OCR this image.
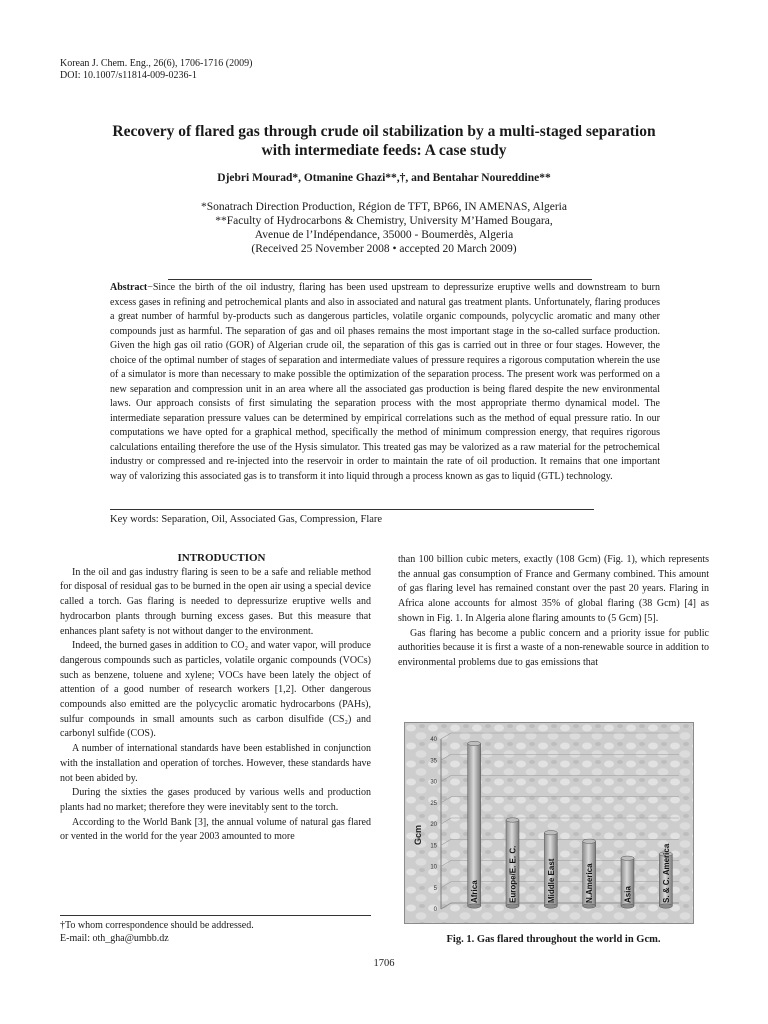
Korean J. Chem. Eng., 26(6), 1706-1716 (2009)
DOI: 10.1007/s11814-009-0236-1
Recovery of flared gas through crude oil stabilization by a multi-staged separation
with intermediate feeds: A case study
Djebri Mourad*, Otmanine Ghazi**,†, and Bentahar Noureddine**
*Sonatrach Direction Production, Région de TFT, BP66, IN AMENAS, Algeria
**Faculty of Hydrocarbons & Chemistry, University M’Hamed Bougara,
Avenue de l’Indépendance, 35000 - Boumerdès, Algeria
(Received 25 November 2008 • accepted 20 March 2009)
Abstract−Since the birth of the oil industry, flaring has been used upstream to depressurize eruptive wells and downstream to burn excess gases in refining and petrochemical plants and also in associated and natural gas treatment plants. Unfortunately, flaring produces a great number of harmful by-products such as dangerous particles, volatile organic compounds, polycyclic aromatic and many other compounds just as harmful. The separation of gas and oil phases remains the most important stage in the so-called surface production. Given the high gas oil ratio (GOR) of Algerian crude oil, the separation of this gas is carried out in three or four stages. However, the choice of the optimal number of stages of separation and intermediate values of pressure requires a rigorous computation wherein the use of a simulator is more than necessary to make possible the optimization of the separation process. The present work was performed on a new separation and compression unit in an area where all the associated gas production is being flared despite the new environmental laws. Our approach consists of first simulating the separation process with the most appropriate thermo dynamical model. The intermediate separation pressure values can be determined by empirical correlations such as the method of equal pressure ratio. In our computations we have opted for a graphical method, specifically the method of minimum compression energy, that requires rigorous calculations entailing therefore the use of the Hysis simulator. This treated gas may be valorized as a raw material for the petrochemical industry or compressed and re-injected into the reservoir in order to maintain the rate of oil production. It remains that one important way of valorizing this associated gas is to transform it into liquid through a process known as gas to liquid (GTL) technology.
Key words: Separation, Oil, Associated Gas, Compression, Flare

INTRODUCTION

In the oil and gas industry flaring is seen to be a safe and reliable method for disposal of residual gas to be burned in the open air using a special device called a torch. Gas flaring is needed to depressurize eruptive wells and hydrocarbon plants through burning excess gases. But this measure that enhances plant safety is not without danger to the environment.

Indeed, the burned gases in addition to CO₂ and water vapor, will produce dangerous compounds such as particles, volatile organic compounds (VOCs) such as benzene, toluene and xylene; VOCs have been lately the object of attention of a good number of research workers [1,2]. Other dangerous compounds also emitted are the polycyclic aromatic hydrocarbons (PAHs), sulfur compounds in small amounts such as carbon disulfide (CS₂) and carbonyl sulfide (COS).

A number of international standards have been established in conjunction with the installation and operation of torches. However, these standards have not been abided by.

During the sixties the gases produced by various wells and production plants had no market; therefore they were inevitably sent to the torch.

According to the World Bank [3], the annual volume of natural gas flared or vented in the world for the year 2003 amounted to more

†To whom correspondence should be addressed.
E-mail: oth_gha@umbb.dz

than 100 billion cubic meters, exactly (108 Gcm) (Fig. 1), which represents the annual gas consumption of France and Germany combined. This amount of gas flaring level has remained constant over the past 20 years. Flaring in Africa alone accounts for almost 35% of global flaring (38 Gcm) [4] as shown in Fig. 1. In Algeria alone flaring amounts to (5 Gcm) [5].

Gas flaring has become a public concern and a priority issue for public authorities because it is first a waste of a non-renewable source in addition to environmental problems due to gas emissions that

0
5
10
15
20
25
30
35
40
Gcm
Africa	Europe/E. E. C.	Middle East	N.America	Asia	S. & C. America
Fig. 1. Gas flared throughout the world in Gcm.
1706
